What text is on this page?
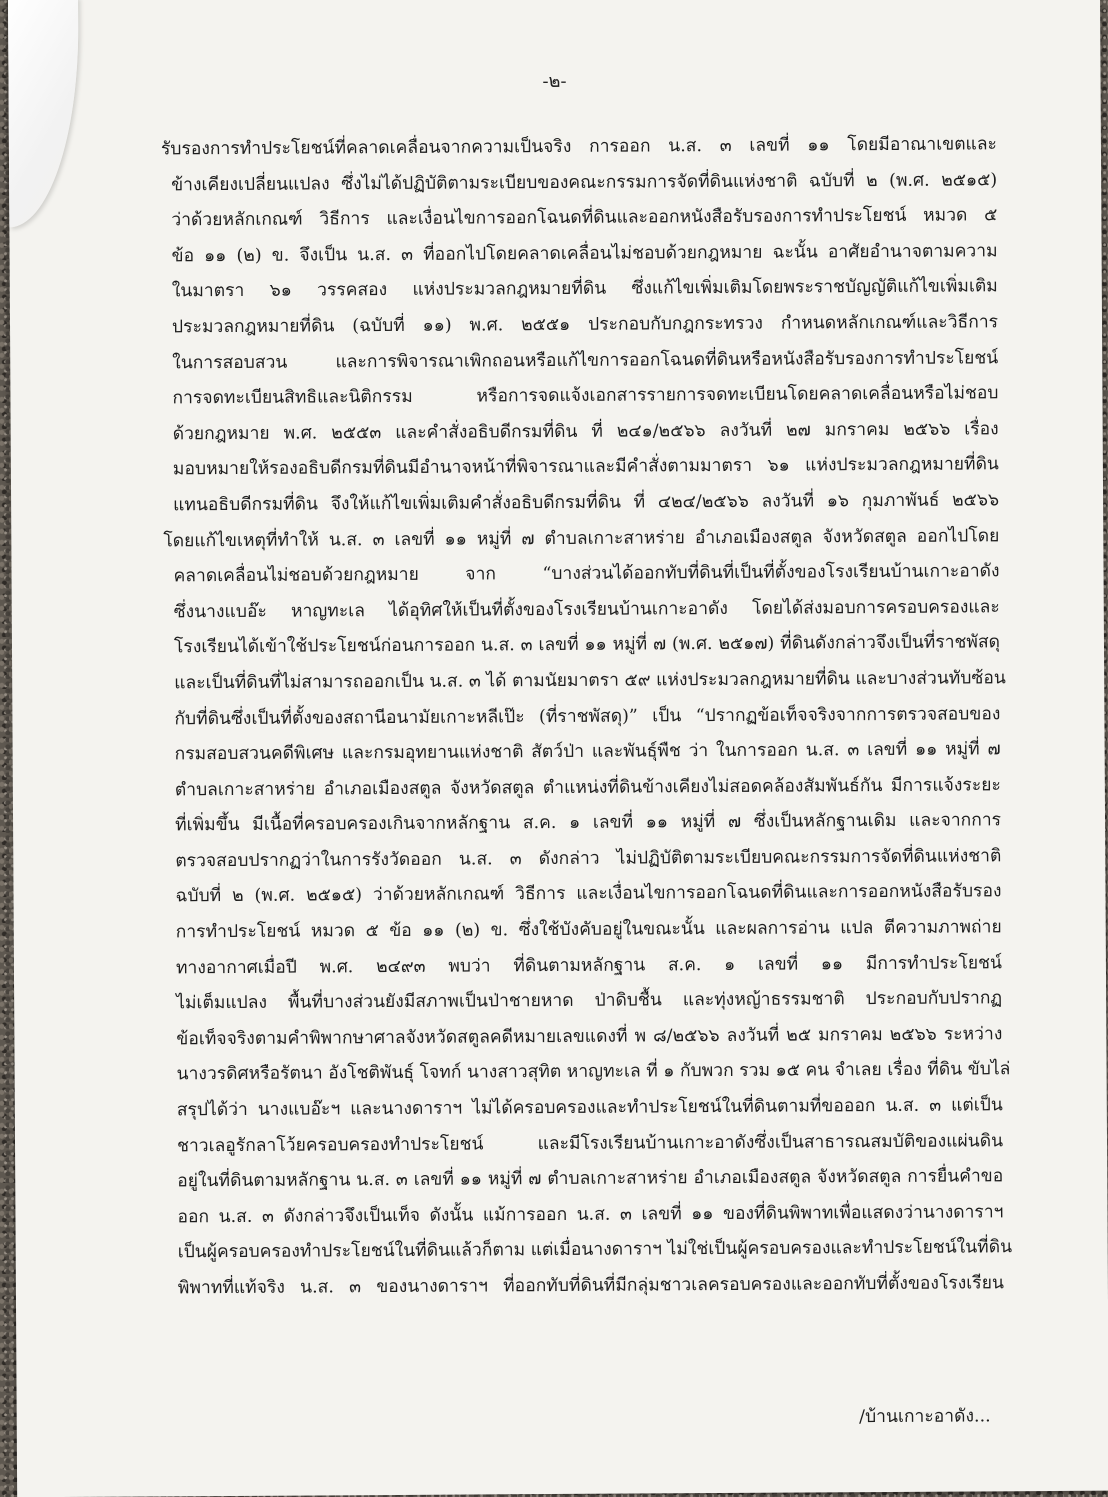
-๒-
รับรองการทำประโยชน์ที่คลาดเคลื่อนจากความเป็นจริง การออก น.ส. ๓ เลขที่ ๑๑ โดยมีอาณาเขตและ
ข้างเคียงเปลี่ยนแปลง ซึ่งไม่ได้ปฏิบัติตามระเบียบของคณะกรรมการจัดที่ดินแห่งชาติ ฉบับที่ ๒ (พ.ศ. ๒๕๑๕)
ว่าด้วยหลักเกณฑ์ วิธีการ และเงื่อนไขการออกโฉนดที่ดินและออกหนังสือรับรองการทำประโยชน์ หมวด ๕
ข้อ ๑๑ (๒) ข. จึงเป็น น.ส. ๓ ที่ออกไปโดยคลาดเคลื่อนไม่ชอบด้วยกฎหมาย ฉะนั้น อาศัยอำนาจตามความ
ในมาตรา ๖๑ วรรคสอง แห่งประมวลกฎหมายที่ดิน ซึ่งแก้ไขเพิ่มเติมโดยพระราชบัญญัติแก้ไขเพิ่มเติม
ประมวลกฎหมายที่ดิน (ฉบับที่ ๑๑) พ.ศ. ๒๕๕๑ ประกอบกับกฎกระทรวง กำหนดหลักเกณฑ์และวิธีการ
ในการสอบสวน และการพิจารณาเพิกถอนหรือแก้ไขการออกโฉนดที่ดินหรือหนังสือรับรองการทำประโยชน์
การจดทะเบียนสิทธิและนิติกรรม หรือการจดแจ้งเอกสารรายการจดทะเบียนโดยคลาดเคลื่อนหรือไม่ชอบ
ด้วยกฎหมาย พ.ศ. ๒๕๕๓ และคำสั่งอธิบดีกรมที่ดิน ที่ ๒๔๑/๒๕๖๖ ลงวันที่ ๒๗ มกราคม ๒๕๖๖ เรื่อง
มอบหมายให้รองอธิบดีกรมที่ดินมีอำนาจหน้าที่พิจารณาและมีคำสั่งตามมาตรา ๖๑ แห่งประมวลกฎหมายที่ดิน
แทนอธิบดีกรมที่ดิน จึงให้แก้ไขเพิ่มเติมคำสั่งอธิบดีกรมที่ดิน ที่ ๔๒๔/๒๕๖๖ ลงวันที่ ๑๖ กุมภาพันธ์ ๒๕๖๖
โดยแก้ไขเหตุที่ทำให้ น.ส. ๓ เลขที่ ๑๑ หมู่ที่ ๗ ตำบลเกาะสาหร่าย อำเภอเมืองสตูล จังหวัดสตูล ออกไปโดย
คลาดเคลื่อนไม่ชอบด้วยกฎหมาย จาก “บางส่วนได้ออกทับที่ดินที่เป็นที่ตั้งของโรงเรียนบ้านเกาะอาดัง
ซึ่งนางแบอ๊ะ หาญทะเล ได้อุทิศให้เป็นที่ตั้งของโรงเรียนบ้านเกาะอาดัง โดยได้ส่งมอบการครอบครองและ
โรงเรียนได้เข้าใช้ประโยชน์ก่อนการออก น.ส. ๓ เลขที่ ๑๑ หมู่ที่ ๗ (พ.ศ. ๒๕๑๗) ที่ดินดังกล่าวจึงเป็นที่ราชพัสดุ
และเป็นที่ดินที่ไม่สามารถออกเป็น น.ส. ๓ ได้ ตามนัยมาตรา ๕๙ แห่งประมวลกฎหมายที่ดิน และบางส่วนทับซ้อน
กับที่ดินซึ่งเป็นที่ตั้งของสถานีอนามัยเกาะหลีเป๊ะ (ที่ราชพัสดุ)” เป็น “ปรากฏข้อเท็จจริงจากการตรวจสอบของ
กรมสอบสวนคดีพิเศษ และกรมอุทยานแห่งชาติ สัตว์ป่า และพันธุ์พืช ว่า ในการออก น.ส. ๓ เลขที่ ๑๑ หมู่ที่ ๗
ตำบลเกาะสาหร่าย อำเภอเมืองสตูล จังหวัดสตูล ตำแหน่งที่ดินข้างเคียงไม่สอดคล้องสัมพันธ์กัน มีการแจ้งระยะ
ที่เพิ่มขึ้น มีเนื้อที่ครอบครองเกินจากหลักฐาน ส.ค. ๑ เลขที่ ๑๑ หมู่ที่ ๗ ซึ่งเป็นหลักฐานเดิม และจากการ
ตรวจสอบปรากฏว่าในการรังวัดออก น.ส. ๓ ดังกล่าว ไม่ปฏิบัติตามระเบียบคณะกรรมการจัดที่ดินแห่งชาติ
ฉบับที่ ๒ (พ.ศ. ๒๕๑๕) ว่าด้วยหลักเกณฑ์ วิธีการ และเงื่อนไขการออกโฉนดที่ดินและการออกหนังสือรับรอง
การทำประโยชน์ หมวด ๕ ข้อ ๑๑ (๒) ข. ซึ่งใช้บังคับอยู่ในขณะนั้น และผลการอ่าน แปล ตีความภาพถ่าย
ทางอากาศเมื่อปี พ.ศ. ๒๔๙๓ พบว่า ที่ดินตามหลักฐาน ส.ค. ๑ เลขที่ ๑๑ มีการทำประโยชน์
ไม่เต็มแปลง พื้นที่บางส่วนยังมีสภาพเป็นป่าชายหาด ป่าดิบชื้น และทุ่งหญ้าธรรมชาติ ประกอบกับปรากฏ
ข้อเท็จจริงตามคำพิพากษาศาลจังหวัดสตูลคดีหมายเลขแดงที่ พ ๘/๒๕๖๖ ลงวันที่ ๒๕ มกราคม ๒๕๖๖ ระหว่าง
นางวรดิศหรือรัตนา อังโชติพันธุ์ โจทก์ นางสาวสุทิต หาญทะเล ที่ ๑ กับพวก รวม ๑๕ คน จำเลย เรื่อง ที่ดิน ขับไล่
สรุปได้ว่า นางแบอ๊ะฯ และนางดาราฯ ไม่ได้ครอบครองและทำประโยชน์ในที่ดินตามที่ขอออก น.ส. ๓ แต่เป็น
ชาวเลอูรักลาโว้ยครอบครองทำประโยชน์ และมีโรงเรียนบ้านเกาะอาดังซึ่งเป็นสาธารณสมบัติของแผ่นดิน
อยู่ในที่ดินตามหลักฐาน น.ส. ๓ เลขที่ ๑๑ หมู่ที่ ๗ ตำบลเกาะสาหร่าย อำเภอเมืองสตูล จังหวัดสตูล การยื่นคำขอ
ออก น.ส. ๓ ดังกล่าวจึงเป็นเท็จ ดังนั้น แม้การออก น.ส. ๓ เลขที่ ๑๑ ของที่ดินพิพาทเพื่อแสดงว่านางดาราฯ
เป็นผู้ครอบครองทำประโยชน์ในที่ดินแล้วก็ตาม แต่เมื่อนางดาราฯ ไม่ใช่เป็นผู้ครอบครองและทำประโยชน์ในที่ดิน
พิพาทที่แท้จริง น.ส. ๓ ของนางดาราฯ ที่ออกทับที่ดินที่มีกลุ่มชาวเลครอบครองและออกทับที่ตั้งของโรงเรียน
/บ้านเกาะอาดัง...
